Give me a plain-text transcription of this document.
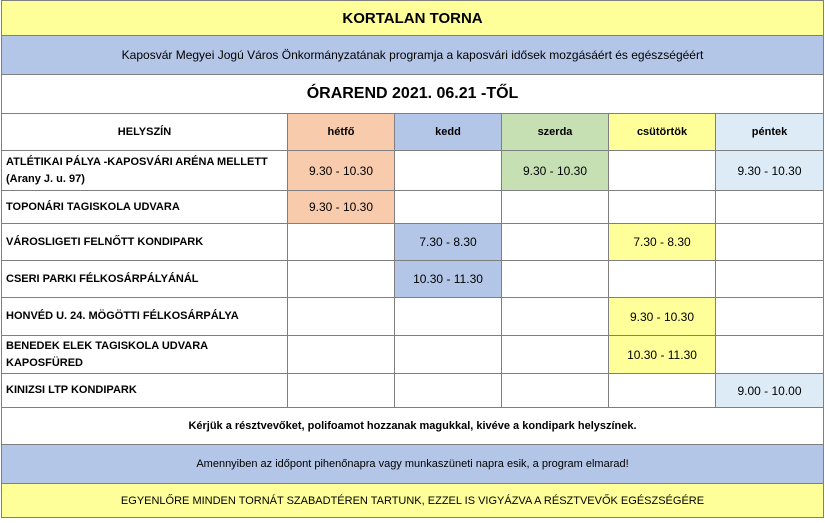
KORTALAN TORNA					
Kaposvár Megyei Jogú Város Önkormányzatának programja a kaposvári idősek mozgásáért és egészségéért					
ÓRAREND 2021. 06.21 -TŐL					
HELYSZÍN	hétfő	kedd	szerda	csütörtök	péntek

ATLÉTIKAI PÁLYA -KAPOSVÁRI ARÉNA MELLETT
(Arany J. u. 97)	9.30 - 10.30		9.30 - 10.30		9.30 - 10.30
TOPONÁRI TAGISKOLA UDVARA	9.30 - 10.30				
VÁROSLIGETI FELNŐTT KONDIPARK		7.30 - 8.30		7.30 - 8.30	
CSERI PARKI FÉLKOSÁRPÁLYÁNÁL		10.30 - 11.30			
HONVÉD U. 24. MÖGÖTTI FÉLKOSÁRPÁLYA				9.30 - 10.30	

BENEDEK ELEK TAGISKOLA UDVARA
KAPOSFÜRED				10.30 - 11.30	
KINIZSI LTP KONDIPARK					9.00 - 10.00
Kérjük a résztvevőket, polifoamot hozzanak magukkal, kivéve a kondipark helyszínek.					
Amennyiben az időpont pihenőnapra vagy munkaszüneti napra esik, a program elmarad!					
EGYENLŐRE MINDEN TORNÁT SZABADTÉREN TARTUNK, EZZEL IS VIGYÁZVA A RÉSZTVEVŐK EGÉSZSÉGÉRE					
